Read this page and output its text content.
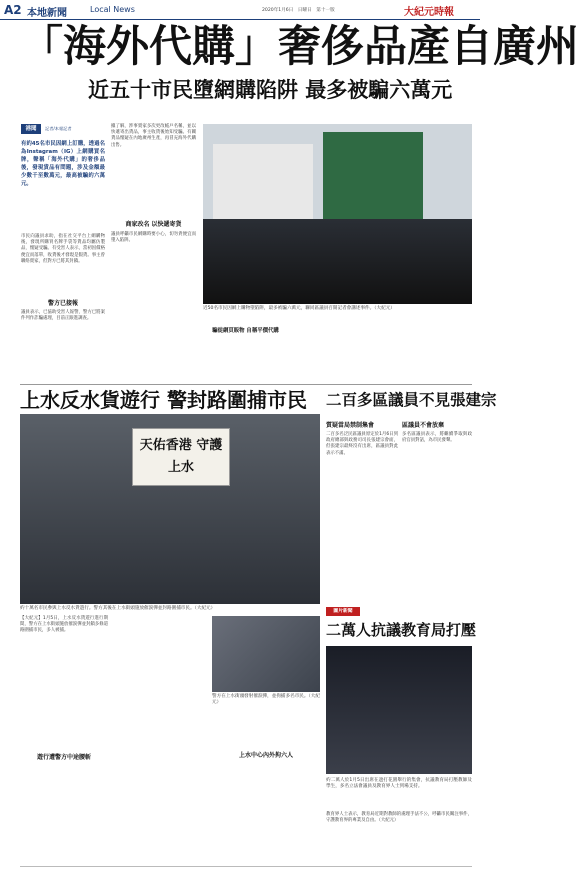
A2 本地新聞	Local News	2020年1月6日　日曜日　第十一版	大紀元時報
「海外代購」奢侈品產自廣州
近五十市民墮網購陷阱 最多被騙六萬元
港聞	記者/本報記者
有約45名市民因網上訂購，透過名為Instagram（IG）上網購買名牌，聲稱「海外代購」的奢侈品後，發現貨品有問題，涉及金額最少數千至數萬元，最高被騙約六萬元。
市民向議員求助，指在社交平台上網購物後，發現所購買名牌手袋等貨品均屬仿製品，懷疑受騙。有受害人表示，當初因價格便宜而落單，收貨後才發現是假貨。事主曾聯絡賣家，但對方已將其封鎖。
警方已接報
議員表示，已協助受害人報警，警方已將案件列作詐騙處理，目前正跟進調查。
據了解，涉事賣家多次更改帳戶名稱，並以快遞寄出貨品，事主收貨後始知受騙。有關貨品懷疑在內地廣州生產，再冒充海外代購出售。
商家改名 以快遞寄貨
議員呼籲市民網購時要小心，切勿貪便宜而墮入陷阱。
近50名市民因網上購物墮陷阱，最多被騙六萬元，聯同區議員召開記者會講述事件。（大紀元）
騙徒網頁販物 自稱平價代購
上水反水貨遊行 警封路圍捕市民
天佑香港 守護上水
約十萬名市民參與上水反水貨遊行。警方其後在上水街頭施放催淚彈並封路圍捕市民。（大紀元）
【大紀元】1月5日，上水反水貨遊行進行期間，警方在上水街頭施放催淚彈並封鎖多條道路圍捕市民，多人被捕。
遊行遭警方中途腰斬
警方在上水街頭發射催淚彈，並拘捕多名市民。（大紀元）
上水中心內外拘六人
二百多區議員不見張建宗
質疑當局禁制集會
二百多名泛民區議員原定於1月6日到政府總部與政務司司長張建宗會面，但張建宗最終沒有出席，區議員對此表示不滿。
區議員不會放棄
多名區議員表示，將繼續爭取與政府官員對話，為市民發聲。
圖片新聞
二萬人抗議教育局打壓
約二萬人於1月5日出席在遮打花園舉行的集會，抗議教育局打壓教師及學生，多名立法會議員及教育界人士到場支持。
教育界人士表示，教育局近期對教師的處理手法不公，呼籲市民關注事件，守護教育界的專業及自由。（大紀元）
